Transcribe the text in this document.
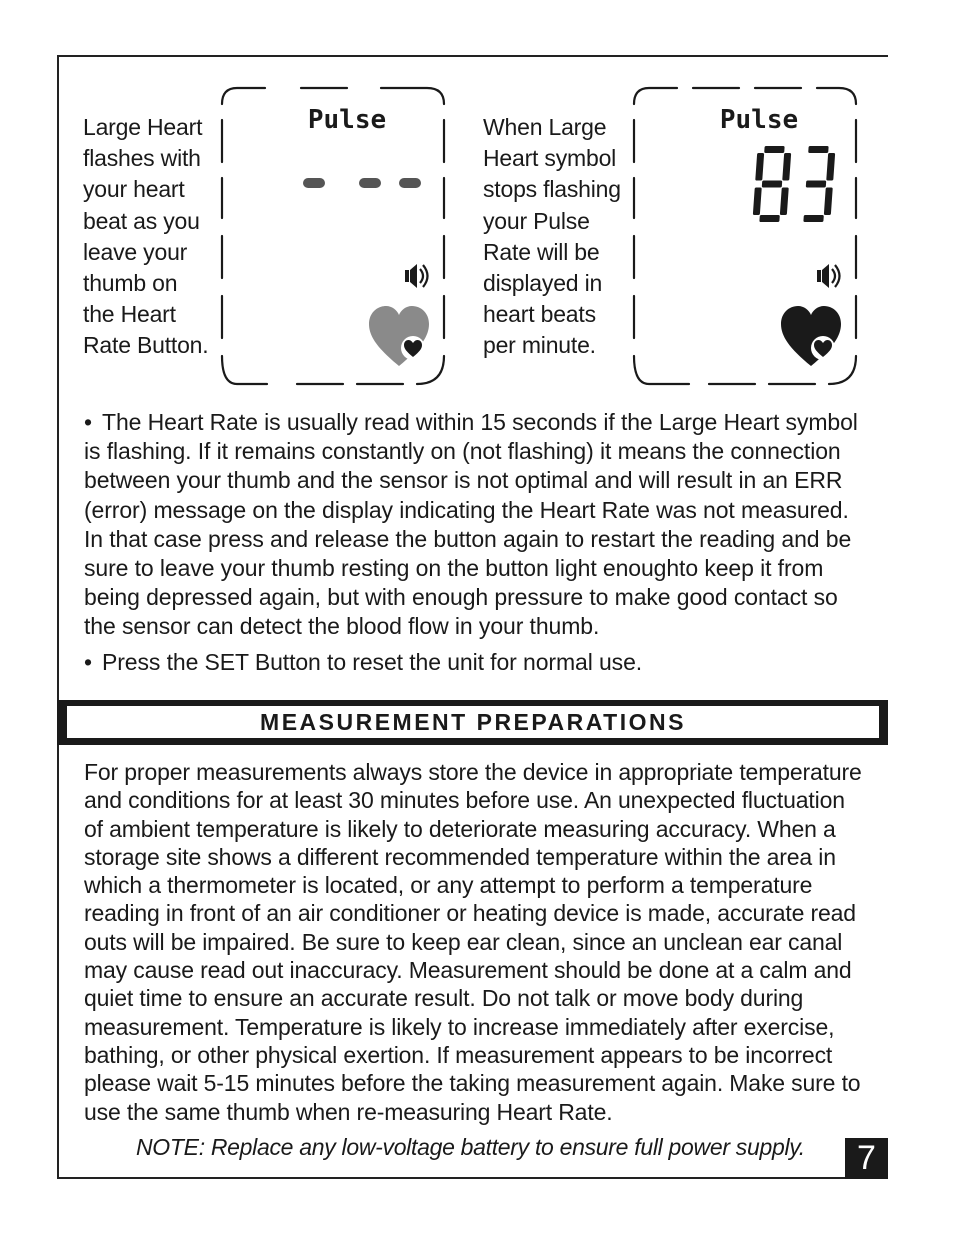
Large Heart
flashes with
your heart
beat as you
leave your
thumb on
the Heart
Rate Button.
Pulse	When Large
Heart symbol
stops flashing
your Pulse
Rate will be
displayed in
heart beats
per minute.
Pulse
• The Heart Rate is usually read within 15 seconds if the Large Heart symbol
is flashing. If it remains constantly on (not flashing) it means the connection
between your thumb and the sensor is not optimal and will result in an ERR
(error) message on the display indicating the Heart Rate was not measured.
In that case press and release the button again to restart the reading and be
sure to leave your thumb resting on the button light enoughto keep it from
being depressed again, but with enough pressure to make good contact so
the sensor can detect the blood flow in your thumb.
• Press the SET Button to reset the unit for normal use.
MEASUREMENT PREPARATIONS
For proper measurements always store the device in appropriate temperature
and conditions for at least 30 minutes before use. An unexpected fluctuation
of ambient temperature is likely to deteriorate measuring accuracy. When a
storage site shows a different recommended temperature within the area in
which a thermometer is located, or any attempt to perform a temperature
reading in front of an air conditioner or heating device is made, accurate read
outs will be impaired. Be sure to keep ear clean, since an unclean ear canal
may cause read out inaccuracy. Measurement should be done at a calm and
quiet time to ensure an accurate result. Do not talk or move body during
measurement. Temperature is likely to increase immediately after exercise,
bathing, or other physical exertion. If measurement appears to be incorrect
please wait 5-15 minutes before the taking measurement again. Make sure to
use the same thumb when re-measuring Heart Rate.
NOTE: Replace any low-voltage battery to ensure full power supply.	7
